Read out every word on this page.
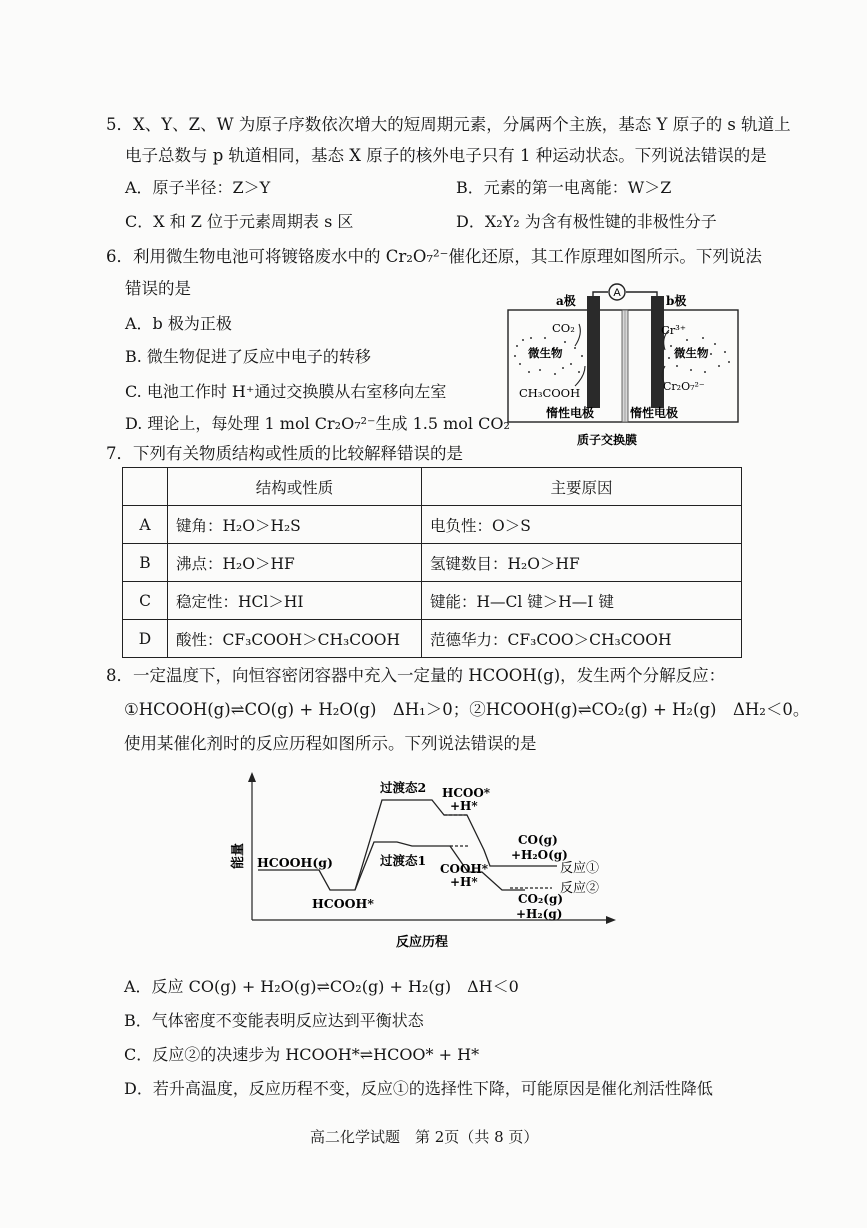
5．X、Y、Z、W 为原子序数依次增大的短周期元素，分属两个主族，基态 Y 原子的 s 轨道上
电子总数与 p 轨道相同，基态 X 原子的核外电子只有 1 种运动状态。下列说法错误的是
A．原子半径：Z＞Y	B．元素的第一电离能：W＞Z
C．X 和 Z 位于元素周期表 s 区	D．X₂Y₂ 为含有极性键的非极性分子
6．利用微生物电池可将镀铬废水中的 Cr₂O₇²⁻催化还原，其工作原理如图所示。下列说法
错误的是
A．b 极为正极
B. 微生物促进了反应中电子的转移
C. 电池工作时 H⁺通过交换膜从右室移向左室
D. 理论上，每处理 1 mol Cr₂O₇²⁻生成 1.5 mol CO₂
A
a极	b极
CO₂	Cr³⁺
微生物	微生物
CH₃COOH	Cr₂O₇²⁻
惰性电极	惰性电极
质子交换膜
7．下列有关物质结构或性质的比较解释错误的是
	结构或性质	主要原因
A	键角：H₂O＞H₂S	电负性：O＞S
B	沸点：H₂O＞HF	氢键数目：H₂O＞HF
C	稳定性：HCl＞HI	键能：H—Cl 键＞H—I 键
D	酸性：CF₃COOH＞CH₃COOH	范德华力：CF₃COO＞CH₃COOH
8．一定温度下，向恒容密闭容器中充入一定量的 HCOOH(g)，发生两个分解反应：
①HCOOH(g)⇌CO(g) + H₂O(g)　ΔH₁＞0；②HCOOH(g)⇌CO₂(g) + H₂(g)　ΔH₂＜0。
使用某催化剂时的反应历程如图所示。下列说法错误的是
能量
反应历程
HCOOH(g)
HCOOH*
过渡态2
过渡态1
HCOO*
+H*
COOH*
+H*
CO(g)
+H₂O(g)
CO₂(g)
+H₂(g)
反应①
反应②
A．反应 CO(g) + H₂O(g)⇌CO₂(g) + H₂(g)　ΔH＜0
B．气体密度不变能表明反应达到平衡状态
C．反应②的决速步为 HCOOH*⇌HCOO* + H*
D．若升高温度，反应历程不变，反应①的选择性下降，可能原因是催化剂活性降低
高二化学试题　第 2页（共 8 页）
